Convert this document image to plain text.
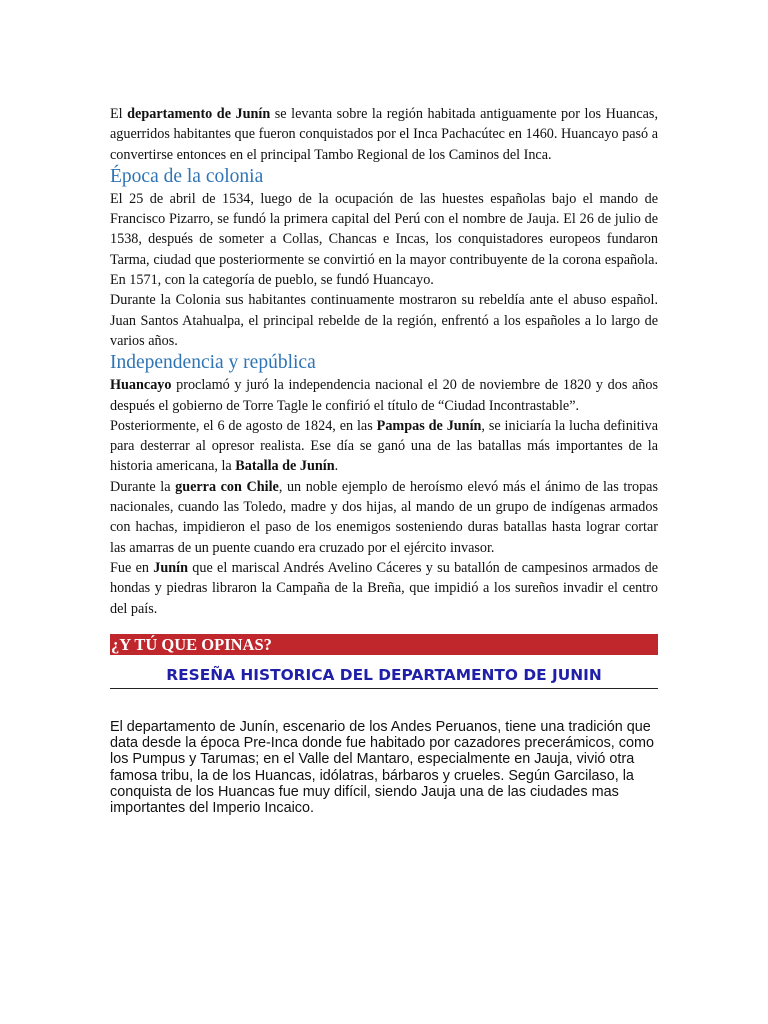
El departamento de Junín se levanta sobre la región habitada antiguamente por los Huancas, aguerridos habitantes que fueron conquistados por el Inca Pachacútec en 1460. Huancayo pasó a convertirse entonces en el principal Tambo Regional de los Caminos del Inca.

Época de la colonia

El 25 de abril de 1534, luego de la ocupación de las huestes españolas bajo el mando de Francisco Pizarro, se fundó la primera capital del Perú con el nombre de Jauja. El 26 de julio de 1538, después de someter a Collas, Chancas e Incas, los conquistadores europeos fundaron Tarma, ciudad que posteriormente se convirtió en la mayor contribuyente de la corona española. En 1571, con la categoría de pueblo, se fundó Huancayo.

Durante la Colonia sus habitantes continuamente mostraron su rebeldía ante el abuso español. Juan Santos Atahualpa, el principal rebelde de la región, enfrentó a los españoles a lo largo de varios años.

Independencia y república

Huancayo proclamó y juró la independencia nacional el 20 de noviembre de 1820 y dos años después el gobierno de Torre Tagle le confirió el título de “Ciudad Incontrastable”.

Posteriormente, el 6 de agosto de 1824, en las Pampas de Junín, se iniciaría la lucha definitiva para desterrar al opresor realista. Ese día se ganó una de las batallas más importantes de la historia americana, la Batalla de Junín.

Durante la guerra con Chile, un noble ejemplo de heroísmo elevó más el ánimo de las tropas nacionales, cuando las Toledo, madre y dos hijas, al mando de un grupo de indígenas armados con hachas, impidieron el paso de los enemigos sosteniendo duras batallas hasta lograr cortar las amarras de un puente cuando era cruzado por el ejército invasor.

Fue en Junín que el mariscal Andrés Avelino Cáceres y su batallón de campesinos armados de hondas y piedras libraron la Campaña de la Breña, que impidió a los sureños invadir el centro del país.

¿Y TÚ QUE OPINAS?
RESEÑA HISTORICA DEL DEPARTAMENTO DE JUNIN

El departamento de Junín, escenario de los Andes Peruanos, tiene una tradición que data desde la época Pre-Inca donde fue habitado por cazadores precerámicos, como los Pumpus y Tarumas; en el Valle del Mantaro, especialmente en Jauja, vivió otra famosa tribu, la de los Huancas, idólatras, bárbaros y crueles. Según Garcilaso, la conquista de los Huancas fue muy difícil, siendo Jauja una de las ciudades mas importantes del Imperio Incaico.
